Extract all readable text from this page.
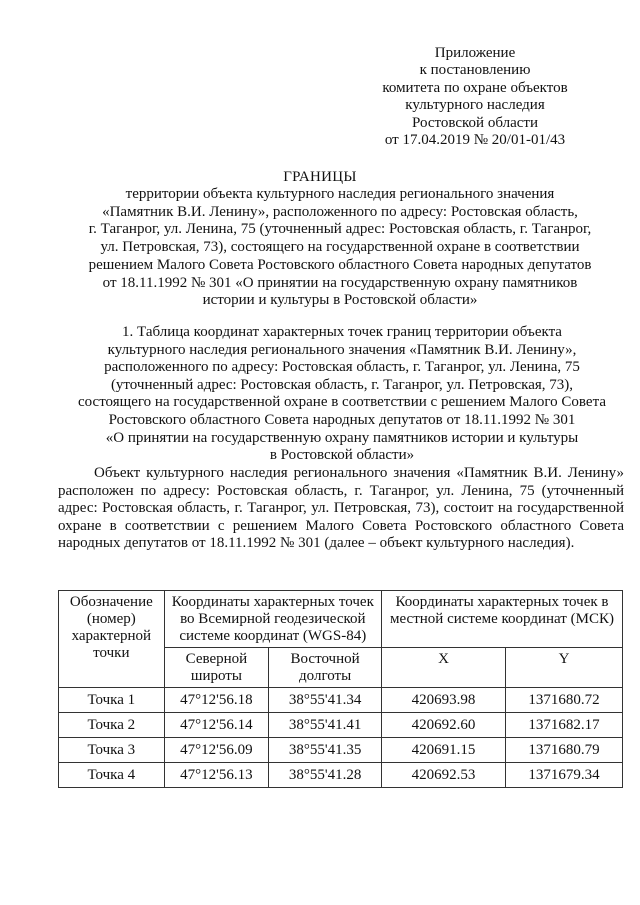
Приложение
к постановлению
комитета по охране объектов
культурного наследия
Ростовской области
от 17.04.2019 № 20/01-01/43
ГРАНИЦЫ
территории объекта культурного наследия регионального значения
«Памятник В.И. Ленину», расположенного по адресу: Ростовская область,
г. Таганрог, ул. Ленина, 75 (уточненный адрес: Ростовская область, г. Таганрог,
ул. Петровская, 73), состоящего на государственной охране в соответствии
решением Малого Совета Ростовского областного Совета народных депутатов
от 18.11.1992 № 301 «О принятии на государственную охрану памятников
истории и культуры в Ростовской области»
1. Таблица координат характерных точек границ территории объекта
культурного наследия регионального значения «Памятник В.И. Ленину»,
расположенного по адресу: Ростовская область, г. Таганрог, ул. Ленина, 75
(уточненный адрес: Ростовская область, г. Таганрог, ул. Петровская, 73),
состоящего на государственной охране в соответствии с решением Малого Совета
Ростовского областного Совета народных депутатов от 18.11.1992 № 301
«О принятии на государственную охрану памятников истории и культуры
в Ростовской области»
Объект культурного наследия регионального значения «Памятник В.И. Ленину» расположен по адресу: Ростовская область, г. Таганрог, ул. Ленина, 75 (уточненный адрес: Ростовская область, г. Таганрог, ул. Петровская, 73), состоит на государственной охране в соответствии с решением Малого Совета Ростовского областного Совета народных депутатов от 18.11.1992 № 301 (далее – объект культурного наследия).
Обозначение (номер) характерной точки	Координаты характерных точек во Всемирной геодезической системе координат (WGS-84)		Координаты характерных точек в местной системе координат (МСК)	
	Северной широты	Восточной долготы	X	Y
Точка 1	47°12'56.18	38°55'41.34	420693.98	1371680.72
Точка 2	47°12'56.14	38°55'41.41	420692.60	1371682.17
Точка 3	47°12'56.09	38°55'41.35	420691.15	1371680.79
Точка 4	47°12'56.13	38°55'41.28	420692.53	1371679.34
